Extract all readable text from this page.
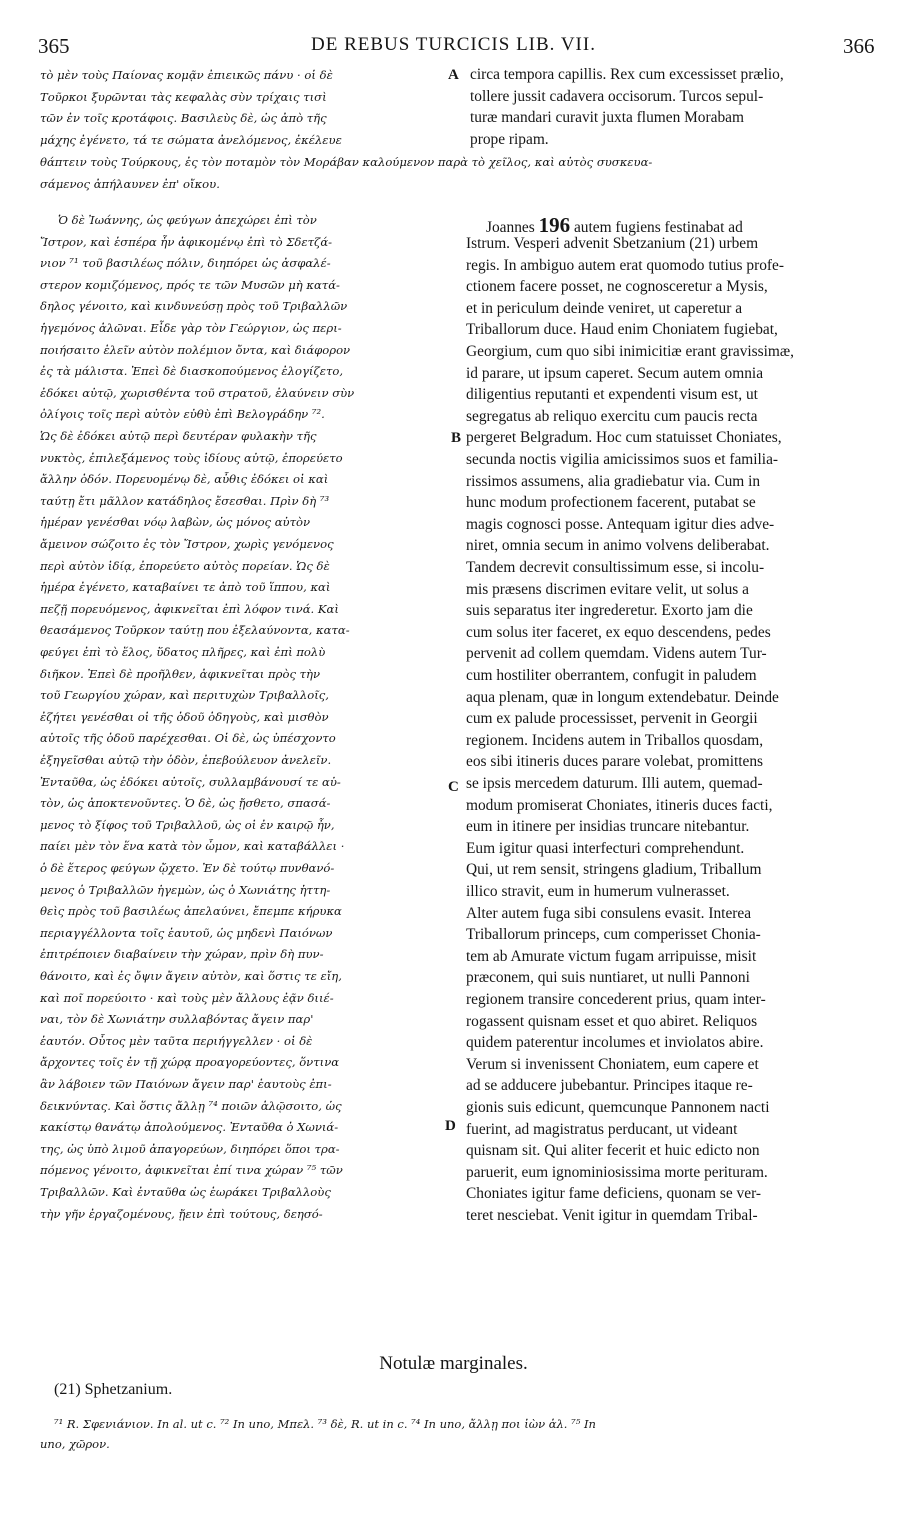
365	DE REBUS TURCICIS LIB. VII.	366
τὸ μὲν τοὺς Παίονας κομᾷν ἐπιεικῶς πάνυ · οἱ δὲ
Τοῦρκοι ξυρῶνται τὰς κεφαλὰς σὺν τρίχαις τισὶ
τῶν ἐν τοῖς κροτάφοις. Βασιλεὺς δὲ, ὡς ἀπὸ τῆς
μάχης ἐγένετο, τά τε σώματα ἀνελόμενος, ἐκέλευε
A circa tempora capillis. Rex cum excessisset prælio,
tollere jussit cadavera occisorum. Turcos sepul-
turæ mandari curavit juxta flumen Morabam
prope ripam.
θάπτειν τοὺς Τούρκους, ἐς τὸν ποταμὸν τὸν Μοράβαν καλούμενον παρὰ τὸ χεῖλος, καὶ αὐτὸς συσκευα-
σάμενος ἀπήλαυνεν ἐπ' οἴκου.
Ὁ δὲ Ἰωάννης, ὡς φεύγων ἀπεχώρει ἐπὶ τὸν
Ἴστρον, καὶ ἑσπέρα ἦν ἀφικομένῳ ἐπὶ τὸ Σδετζά-
νιον ⁷¹ τοῦ βασιλέως πόλιν, διηπόρει ὡς ἀσφαλέ-
στερον κομιζόμενος, πρός τε τῶν Μυσῶν μὴ κατά-
δηλος γένοιτο, καὶ κινδυνεύσῃ πρὸς τοῦ Τριβαλλῶν
ἡγεμόνος ἁλῶναι. Εἶδε γὰρ τὸν Γεώργιον, ὡς περι-
ποιήσαιτο ἑλεῖν αὐτὸν πολέμιον ὄντα, καὶ διάφορον
ἐς τὰ μάλιστα. Ἐπεὶ δὲ διασκοπούμενος ἐλογίζετο,
ἐδόκει αὐτῷ, χωρισθέντα τοῦ στρατοῦ, ἐλαύνειν σὺν
ὀλίγοις τοῖς περὶ αὐτὸν εὐθὺ ἐπὶ Βελογράδην ⁷².
Ὡς δὲ ἐδόκει αὐτῷ περὶ δευτέραν φυλακὴν τῆς
νυκτὸς, ἐπιλεξάμενος τοὺς ἰδίους αὐτῷ, ἐπορεύετο
ἄλλην ὁδόν. Πορευομένῳ δὲ, αὖθις ἐδόκει οἱ καὶ
ταύτῃ ἔτι μᾶλλον κατάδηλος ἔσεσθαι. Πρὶν δὴ ⁷³
ἡμέραν γενέσθαι νόῳ λαβὼν, ὡς μόνος αὐτὸν
ἄμεινον σώζοιτο ἐς τὸν Ἴστρον, χωρὶς γενόμενος
περὶ αὐτὸν ἰδίᾳ, ἐπορεύετο αὐτὸς πορείαν. Ὡς δὲ
ἡμέρα ἐγένετο, καταβαίνει τε ἀπὸ τοῦ ἵππου, καὶ
πεζῇ πορευόμενος, ἀφικνεῖται ἐπὶ λόφον τινά. Καὶ
θεασάμενος Τοῦρκον ταύτῃ που ἐξελαύνοντα, κατα-
φεύγει ἐπὶ τὸ ἕλος, ὕδατος πλῆρες, καὶ ἐπὶ πολὺ
διῆκον. Ἐπεὶ δὲ προῆλθεν, ἀφικνεῖται πρὸς τὴν
τοῦ Γεωργίου χώραν, καὶ περιτυχὼν Τριβαλλοῖς,
ἐζήτει γενέσθαι οἱ τῆς ὁδοῦ ὁδηγοὺς, καὶ μισθὸν
αὐτοῖς τῆς ὁδοῦ παρέχεσθαι. Οἱ δὲ, ὡς ὑπέσχοντο
ἐξηγεῖσθαι αὐτῷ τὴν ὁδὸν, ἐπεβούλευον ἀνελεῖν.
Ἐνταῦθα, ὡς ἐδόκει αὐτοῖς, συλλαμβάνουσί τε αὐ-
τὸν, ὡς ἀποκτενοῦντες. Ὁ δὲ, ὡς ᾔσθετο, σπασά-
μενος τὸ ξίφος τοῦ Τριβαλλοῦ, ὡς οἱ ἐν καιρῷ ἦν,
παίει μὲν τὸν ἕνα κατὰ τὸν ὦμον, καὶ καταβάλλει ·
ὁ δὲ ἕτερος φεύγων ᾤχετο. Ἐν δὲ τούτῳ πυνθανό-
μενος ὁ Τριβαλλῶν ἡγεμὼν, ὡς ὁ Χωνιάτης ἡττη-
θεὶς πρὸς τοῦ βασιλέως ἀπελαύνει, ἔπεμπε κήρυκα
περιαγγέλλοντα τοῖς ἑαυτοῦ, ὡς μηδενὶ Παιόνων
ἐπιτρέποιεν διαβαίνειν τὴν χώραν, πρὶν δὴ πυν-
θάνοιτο, καὶ ἐς ὄψιν ἄγειν αὐτὸν, καὶ ὅστις τε εἴη,
καὶ ποῖ πορεύοιτο · καὶ τοὺς μὲν ἄλλους ἐᾷν διιέ-
ναι, τὸν δὲ Χωνιάτην συλλαβόντας ἄγειν παρ'
ἑαυτόν. Οὗτος μὲν ταῦτα περιήγγελλεν · οἱ δὲ
ἄρχοντες τοῖς ἐν τῇ χώρᾳ προαγορεύοντες, ὅντινα
ἂν λάβοιεν τῶν Παιόνων ἄγειν παρ' ἑαυτοὺς ἐπι-
δεικνύντας. Καὶ ὅστις ἄλλῃ ⁷⁴ ποιῶν ἁλῷσοιτο, ὡς
κακίστῳ θανάτῳ ἀπολούμενος. Ἐνταῦθα ὁ Χωνιά-
της, ὡς ὑπὸ λιμοῦ ἀπαγορεύων, διηπόρει ὅποι τρα-
πόμενος γένοιτο, ἀφικνεῖται ἐπί τινα χώραν ⁷⁵ τῶν
Τριβαλλῶν. Καὶ ἐνταῦθα ὡς ἑωράκει Τριβαλλοὺς
τὴν γῆν ἐργαζομένους, ᾔειν ἐπὶ τούτους, δεησό-
Joannes 196 autem fugiens festinabat ad
Istrum. Vesperi advenit Sbetzanium (21) urbem
regis. In ambiguo autem erat quomodo tutius profe-
ctionem facere posset, ne cognosceretur a Mysis,
et in periculum deinde veniret, ut caperetur a
Triballorum duce. Haud enim Choniatem fugiebat,
Georgium, cum quo sibi inimicitiæ erant gravissimæ,
id parare, ut ipsum caperet. Secum autem omnia
diligentius reputanti et expendenti visum est, ut
segregatus ab reliquo exercitu cum paucis recta
pergeret Belgradum. Hoc cum statuisset Choniates,
secunda noctis vigilia amicissimos suos et familia-
rissimos assumens, alia gradiebatur via. Cum in
hunc modum profectionem facerent, putabat se
magis cognosci posse. Antequam igitur dies adve-
niret, omnia secum in animo volvens deliberabat.
Tandem decrevit consultissimum esse, si incolu-
mis præsens discrimen evitare velit, ut solus a
suis separatus iter ingrederetur. Exorto jam die
cum solus iter faceret, ex equo descendens, pedes
pervenit ad collem quemdam. Videns autem Tur-
cum hostiliter oberrantem, confugit in paludem
aqua plenam, quæ in longum extendebatur. Deinde
cum ex palude processisset, pervenit in Georgii
regionem. Incidens autem in Triballos quosdam,
eos sibi itineris duces parare volebat, promittens
se ipsis mercedem daturum. Illi autem, quemad-
modum promiserat Choniates, itineris duces facti,
eum in itinere per insidias truncare nitebantur.
Eum igitur quasi interfecturi comprehendunt.
Qui, ut rem sensit, stringens gladium, Triballum
illico stravit, eum in humerum vulnerasset.
Alter autem fuga sibi consulens evasit. Interea
Triballorum princeps, cum comperisset Chonia-
tem ab Amurate victum fugam arripuisse, misit
præconem, qui suis nuntiaret, ut nulli Pannoni
regionem transire concederent prius, quam inter-
rogassent quisnam esset et quo abiret. Reliquos
quidem paterentur incolumes et inviolatos abire.
Verum si invenissent Choniatem, eum capere et
ad se adducere jubebantur. Principes itaque re-
gionis suis edicunt, quemcunque Pannonem nacti
fuerint, ad magistratus perducant, ut videant
quisnam sit. Qui aliter fecerit et huic edicto non
paruerit, eum ignominiosissima morte perituram.
Choniates igitur fame deficiens, quonam se ver-
teret nesciebat. Venit igitur in quemdam Tribal-
B
C
D
Notulæ marginales.
(21) Sphetzanium.
⁷¹ R. Σφενιάνιον. In al. ut c. ⁷² In uno, Μπελ. ⁷³ δὲ, R. ut in c. ⁷⁴ In uno, ἄλλῃ ποι ἰὼν ἁλ. ⁷⁵ In
uno, χῶρον.
